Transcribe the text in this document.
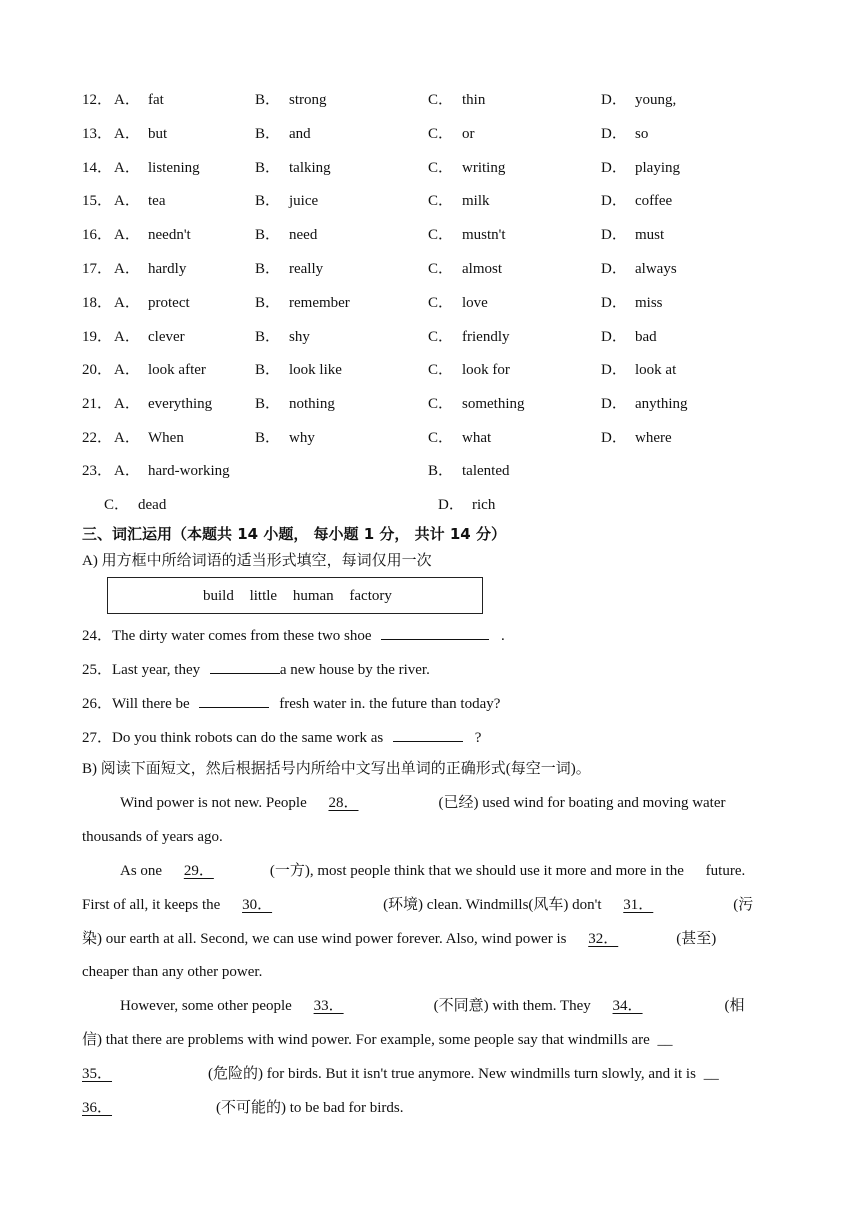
12． A． fat	B． strong	C． thin	D． young,
13． A． but	B． and	C． or	D． so
14． A． listening	B． talking	C． writing	D． playing
15． A． tea	B． juice	C． milk	D． coffee
16． A． needn't	B． need	C． mustn't	D． must
17． A． hardly	B． really	C． almost	D． always
18． A． protect	B． remember	C． love	D． miss
19． A． clever	B． shy	C． friendly	D． bad
20． A． look after	B． look like	C． look for	D． look at
21． A． everything	B． nothing	C． something	D． anything
22． A． When	B． why	C． what	D． where
23． A． hard-working	B． talented
C． dead	D． rich
三、词汇运用（本题共 14 小题， 每小题 1 分， 共计 14 分）
A) 用方框中所给词语的适当形式填空，每词仅用一次
build little human factory
24．The dirty water comes from these two shoe	.
25．Last year, they	a new house by the river.
26．Will there be	fresh water in. the future than today?
27．Do you think robots can do the same work as	?
B) 阅读下面短文，然后根据括号内所给中文写出单词的正确形式(每空一词)。
Wind power is not new. People 28．	(已经) used wind for boating and moving water
thousands of years ago.
As one 29．	(一方), most people think that we should use it more and more in the future.
First of all, it keeps the 30．	(环境) clean. Windmills(风车) don't 31．	(污
染) our earth at all. Second, we can use wind power forever. Also, wind power is 32．	(甚至)
cheaper than any other power.
However, some other people 33．	(不同意) with them. They 34．	(相
信) that there are problems with wind power. For example, some people say that windmills are __
35．	(危险的) for birds. But it isn't true anymore. New windmills turn slowly, and it is __
36．	(不可能的) to be bad for birds.
